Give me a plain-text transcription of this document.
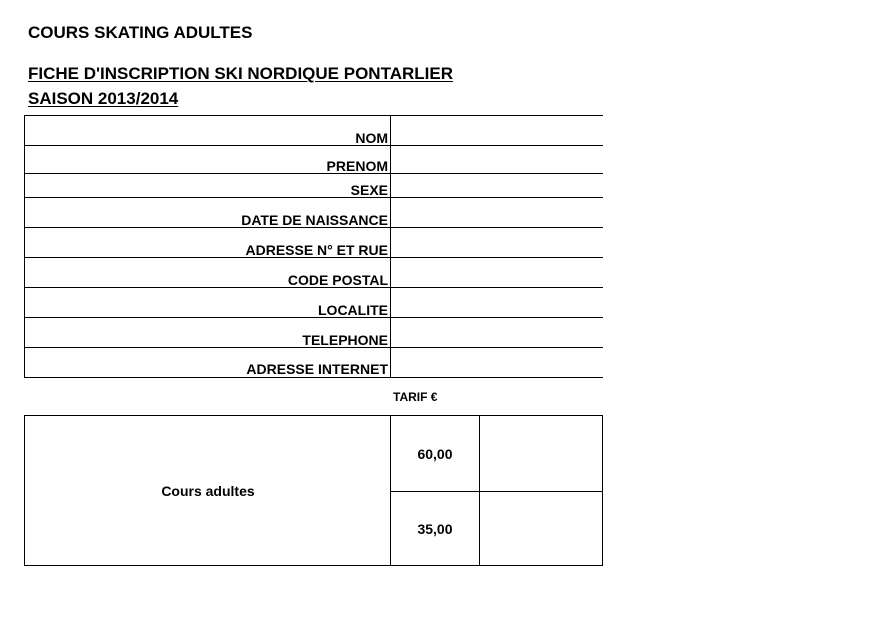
COURS SKATING ADULTES
FICHE D'INSCRIPTION SKI NORDIQUE PONTARLIER
SAISON 2013/2014
NOM
PRENOM
SEXE
DATE DE NAISSANCE
ADRESSE N° ET RUE
CODE POSTAL
LOCALITE
TELEPHONE
ADRESSE INTERNET
TARIF €
Cours adultes
60,00
35,00
